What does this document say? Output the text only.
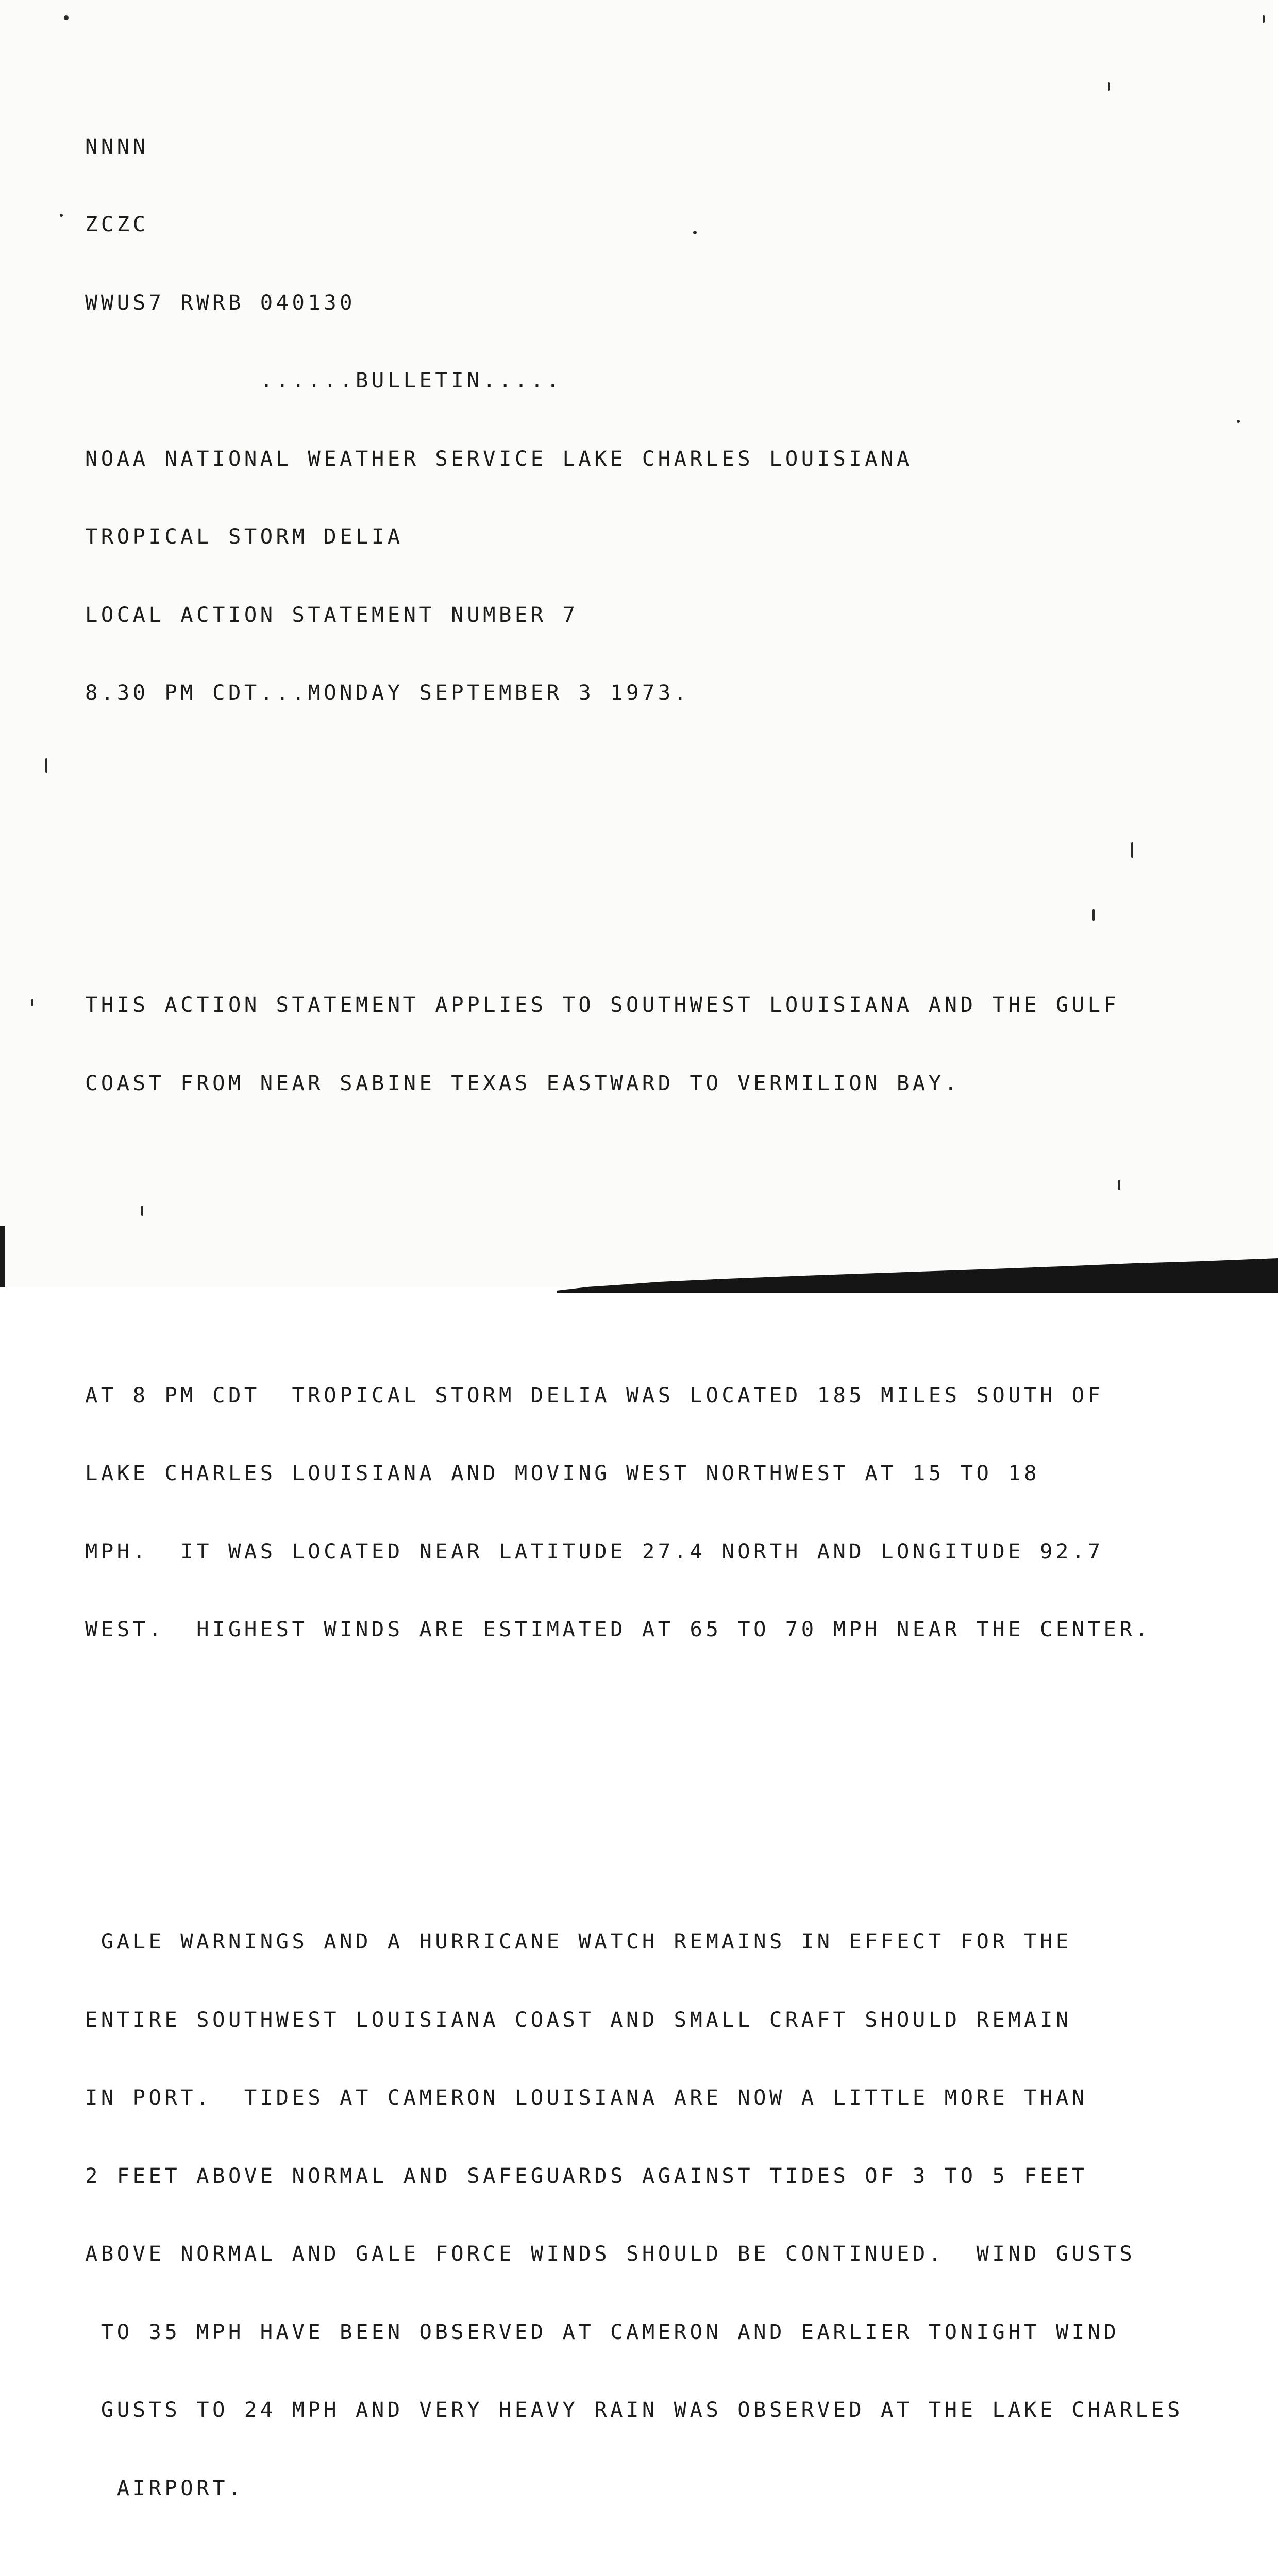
NNNN

ZCZC

WWUS7 RWRB 040130

......BULLETIN.....

NOAA NATIONAL WEATHER SERVICE LAKE CHARLES LOUISIANA

TROPICAL STORM DELIA

LOCAL ACTION STATEMENT NUMBER 7

8.30 PM CDT...MONDAY SEPTEMBER 3 1973.

THIS ACTION STATEMENT APPLIES TO SOUTHWEST LOUISIANA AND THE GULF

COAST FROM NEAR SABINE TEXAS EASTWARD TO VERMILION BAY.

AT 8 PM CDT  TROPICAL STORM DELIA WAS LOCATED 185 MILES SOUTH OF

LAKE CHARLES LOUISIANA AND MOVING WEST NORTHWEST AT 15 TO 18

MPH.  IT WAS LOCATED NEAR LATITUDE 27.4 NORTH AND LONGITUDE 92.7

WEST.  HIGHEST WINDS ARE ESTIMATED AT 65 TO 70 MPH NEAR THE CENTER.

GALE WARNINGS AND A HURRICANE WATCH REMAINS IN EFFECT FOR THE

ENTIRE SOUTHWEST LOUISIANA COAST AND SMALL CRAFT SHOULD REMAIN

IN PORT.  TIDES AT CAMERON LOUISIANA ARE NOW A LITTLE MORE THAN

2 FEET ABOVE NORMAL AND SAFEGUARDS AGAINST TIDES OF 3 TO 5 FEET

ABOVE NORMAL AND GALE FORCE WINDS SHOULD BE CONTINUED.  WIND GUSTS

TO 35 MPH HAVE BEEN OBSERVED AT CAMERON AND EARLIER TONIGHT WIND

GUSTS TO 24 MPH AND VERY HEAVY RAIN WAS OBSERVED AT THE LAKE CHARLES

AIRPORT.
